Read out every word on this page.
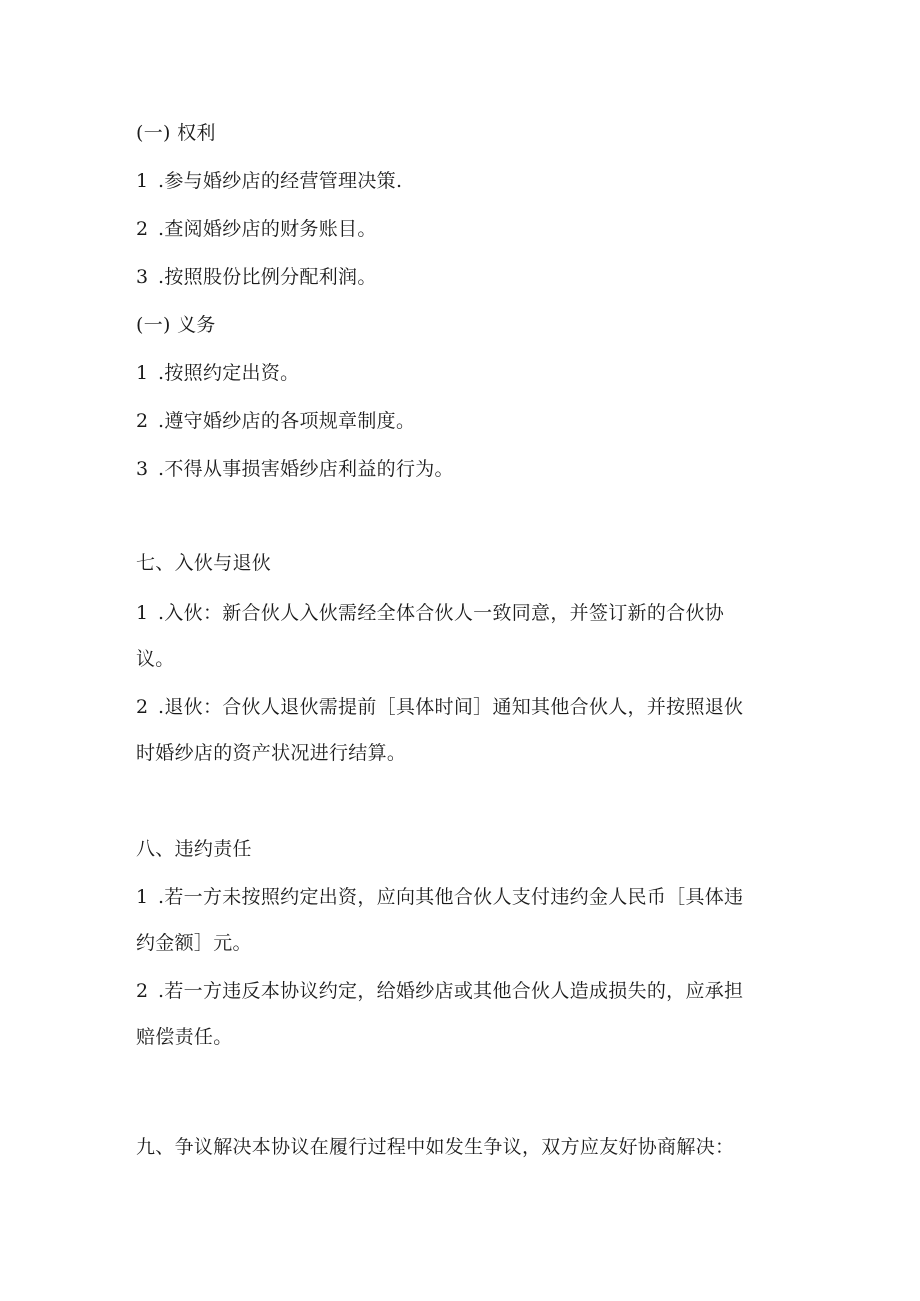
(一) 权利
1 .参与婚纱店的经营管理决策.
2 .查阅婚纱店的财务账目。
3 .按照股份比例分配利润。
(一) 义务
1 .按照约定出资。
2 .遵守婚纱店的各项规章制度。
3 .不得从事损害婚纱店利益的行为。
七、入伙与退伙
1 .入伙：新合伙人入伙需经全体合伙人一致同意，并签订新的合伙协
议。
2 .退伙：合伙人退伙需提前［具体时间］通知其他合伙人，并按照退伙
时婚纱店的资产状况进行结算。
八、违约责任
1 .若一方未按照约定出资，应向其他合伙人支付违约金人民币［具体违
约金额］元。
2 .若一方违反本协议约定，给婚纱店或其他合伙人造成损失的，应承担
赔偿责任。
九、争议解决本协议在履行过程中如发生争议，双方应友好协商解决：
